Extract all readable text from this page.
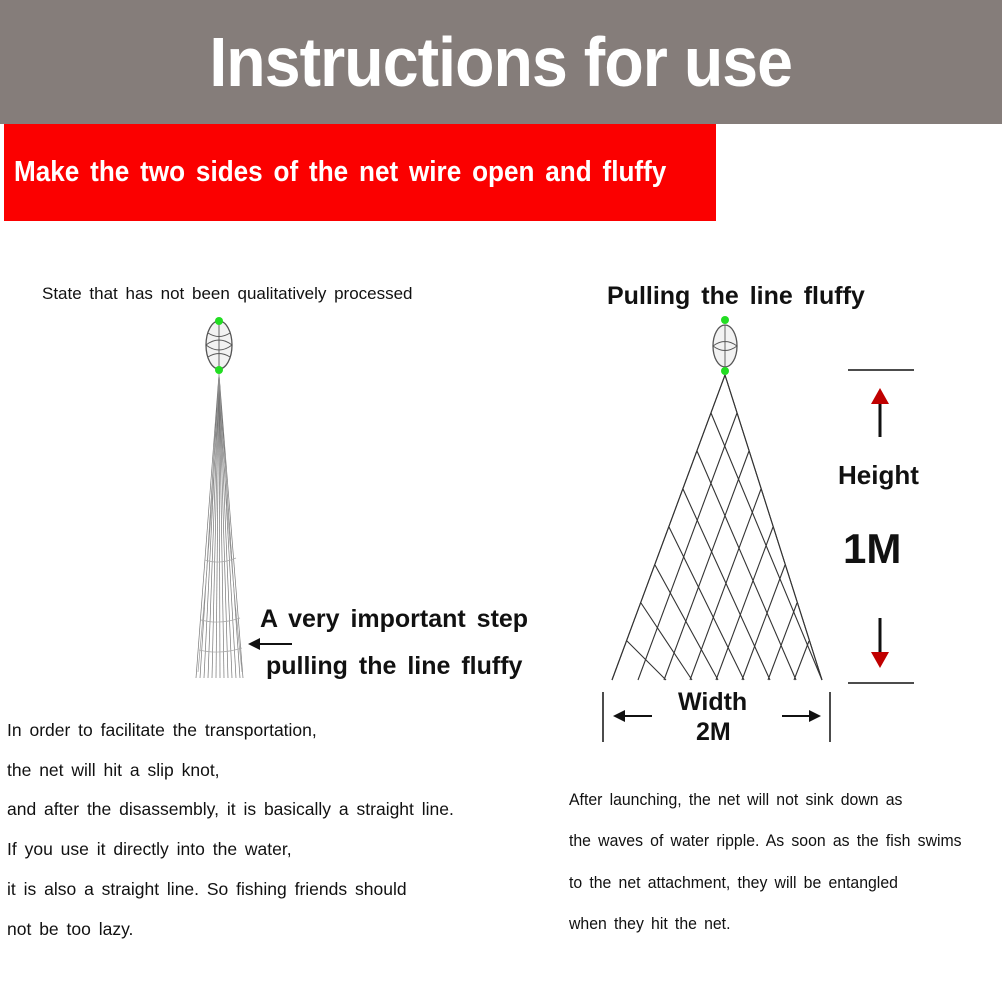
Instructions for use
Make the two sides of the net wire open and fluffy
State that has not been qualitatively processed	Pulling the line fluffy
A very important step
pulling the line fluffy
Height
1M
Width
2M
In order to facilitate the transportation,
the net will hit a slip knot,
and after the disassembly, it is basically a straight line.
If you use it directly into the water,
it is also a straight line. So fishing friends should
not be too lazy.
After launching, the net will not sink down as
the waves of water ripple. As soon as the fish swims
to the net attachment, they will be entangled
when they hit the net.
